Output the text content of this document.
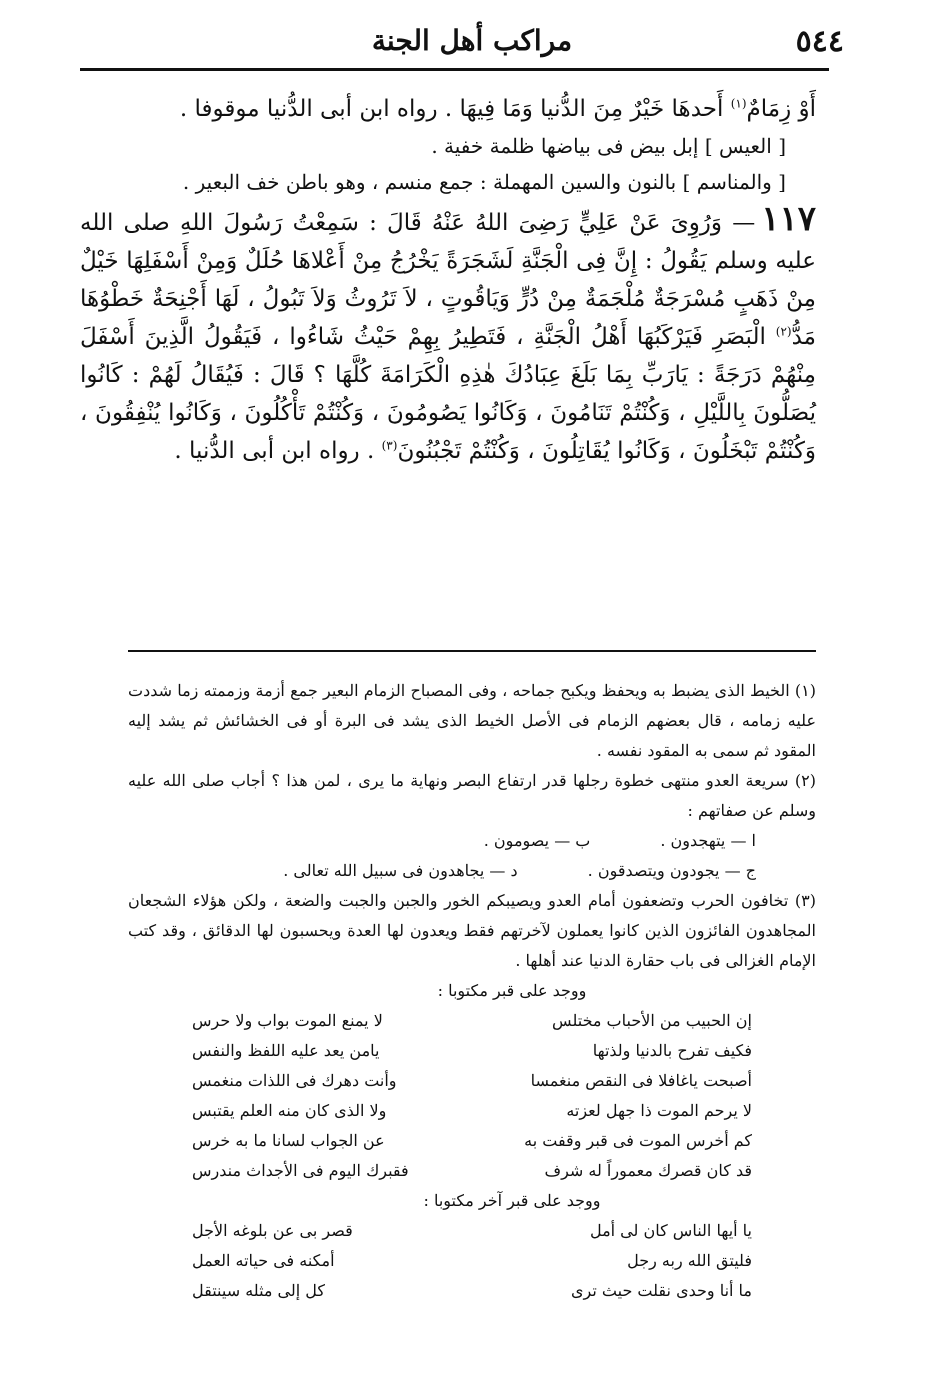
٥٤٤
مراكب أهل الجنة

أَوْ زِمَامٌ$^{(١)}$ أَحدهَا خَيْرٌ مِنَ الدُّنيا وَمَا فِيهَا . رواه ابن أبى الدُّنيا موقوفا .

[ العيس ] إبل بيض فى بياضها ظلمة خفية .

[ والمناسم ] بالنون والسين المهملة : جمع منسم ، وهو باطن خف البعير .

١١٧— وَرُوِىَ عَنْ عَلِيٍّ رَضِىَ اللهُ عَنْهُ قَالَ : سَمِعْتُ رَسُولَ اللهِ صلى الله عليه وسلم يَقُولُ : إِنَّ فِى الْجَنَّةِ لَشَجَرَةً يَخْرُجُ مِنْ أَعْلاهَا حُلَلٌ وَمِنْ أَسْفَلِهَا خَيْلٌ مِنْ ذَهَبٍ مُسْرَجَةٌ مُلْجَمَةٌ مِنْ دُرٍّ وَيَاقُوتٍ ، لاَ تَرُوثُ وَلاَ تَبُولُ ، لَهَا أَجْنِحَةٌ خَطْوُهَا مَدُّ$^{(٢)}$ الْبَصَرِ فَيَرْكَبُهَا أَهْلُ الْجَنَّةِ ، فَتَطِيرُ بِهِمْ حَيْثُ شَاءُوا ، فَيَقُولُ الَّذِينَ أَسْفَلَ مِنْهُمْ دَرَجَةً : يَارَبِّ بِمَا بَلَغَ عِبَادُكَ هٰذِهِ الْكَرَامَةَ كُلَّهَا ؟ قَالَ : فَيُقَالُ لَهُمْ : كَانُوا يُصَلُّونَ بِاللَّيْلِ ، وَكُنْتُمْ تَنَامُونَ ، وَكَانُوا يَصُومُونَ ، وَكُنْتُمْ تَأْكُلُونَ ، وَكَانُوا يُنْفِقُونَ ، وَكُنْتُمْ تَبْخَلُونَ ، وَكَانُوا يُقَاتِلُونَ ، وَكُنْتُمْ تَجْبُنُونَ$^{(٣)}$ . رواه ابن أبى الدُّنيا .

(١) الخيط الذى يضبط به ويحفظ ويكبح جماحه ، وفى المصباح الزمام البعير جمع أزمة وزممته زما شددت عليه زمامه ، قال بعضهم الزمام فى الأصل الخيط الذى يشد فى البرة أو فى الخشائش ثم يشد إليه المقود ثم سمى به المقود نفسه .

(٢) سريعة العدو منتهى خطوة رجلها قدر ارتفاع البصر ونهاية ما يرى ، لمن هذا ؟ أجاب صلى الله عليه وسلم عن صفاتهم :

ا — يتهجدون .
ب — يصومون .
ج — يجودون ويتصدقون .
د — يجاهدون فى سبيل الله تعالى .

(٣) تخافون الحرب وتضعفون أمام العدو ويصيبكم الخور والجبن والجبت والضعة ، ولكن هؤلاء الشجعان المجاهدون الفائزون الذين كانوا يعملون لآخرتهم فقط ويعدون لها العدة ويحسبون لها الدقائق ، وقد كتب الإمام الغزالى فى باب حقارة الدنيا عند أهلها .

ووجد على قبر مكتوبا :

إن الحبيب من الأحباب مختلس
لا يمنع الموت بواب ولا حرس
فكيف تفرح بالدنيا ولذتها
يامن يعد عليه اللفظ والنفس
أصبحت ياغافلا فى النقص منغمسا
وأنت دهرك فى اللذات منغمس
لا يرحم الموت ذا جهل لعزته
ولا الذى كان منه العلم يقتبس
كم أخرس الموت فى قبر وقفت به
عن الجواب لسانا ما به خرس
قد كان قصرك معموراً له شرف
فقبرك اليوم فى الأجداث مندرس

ووجد على قبر آخر مكتوبا :

يا أيها الناس كان لى أمل
قصر بى عن بلوغه الأجل
فليتق الله ربه رجل
أمكنه فى حياته العمل
ما أنا وحدى نقلت حيث ترى
كل إلى مثله سينتقل
